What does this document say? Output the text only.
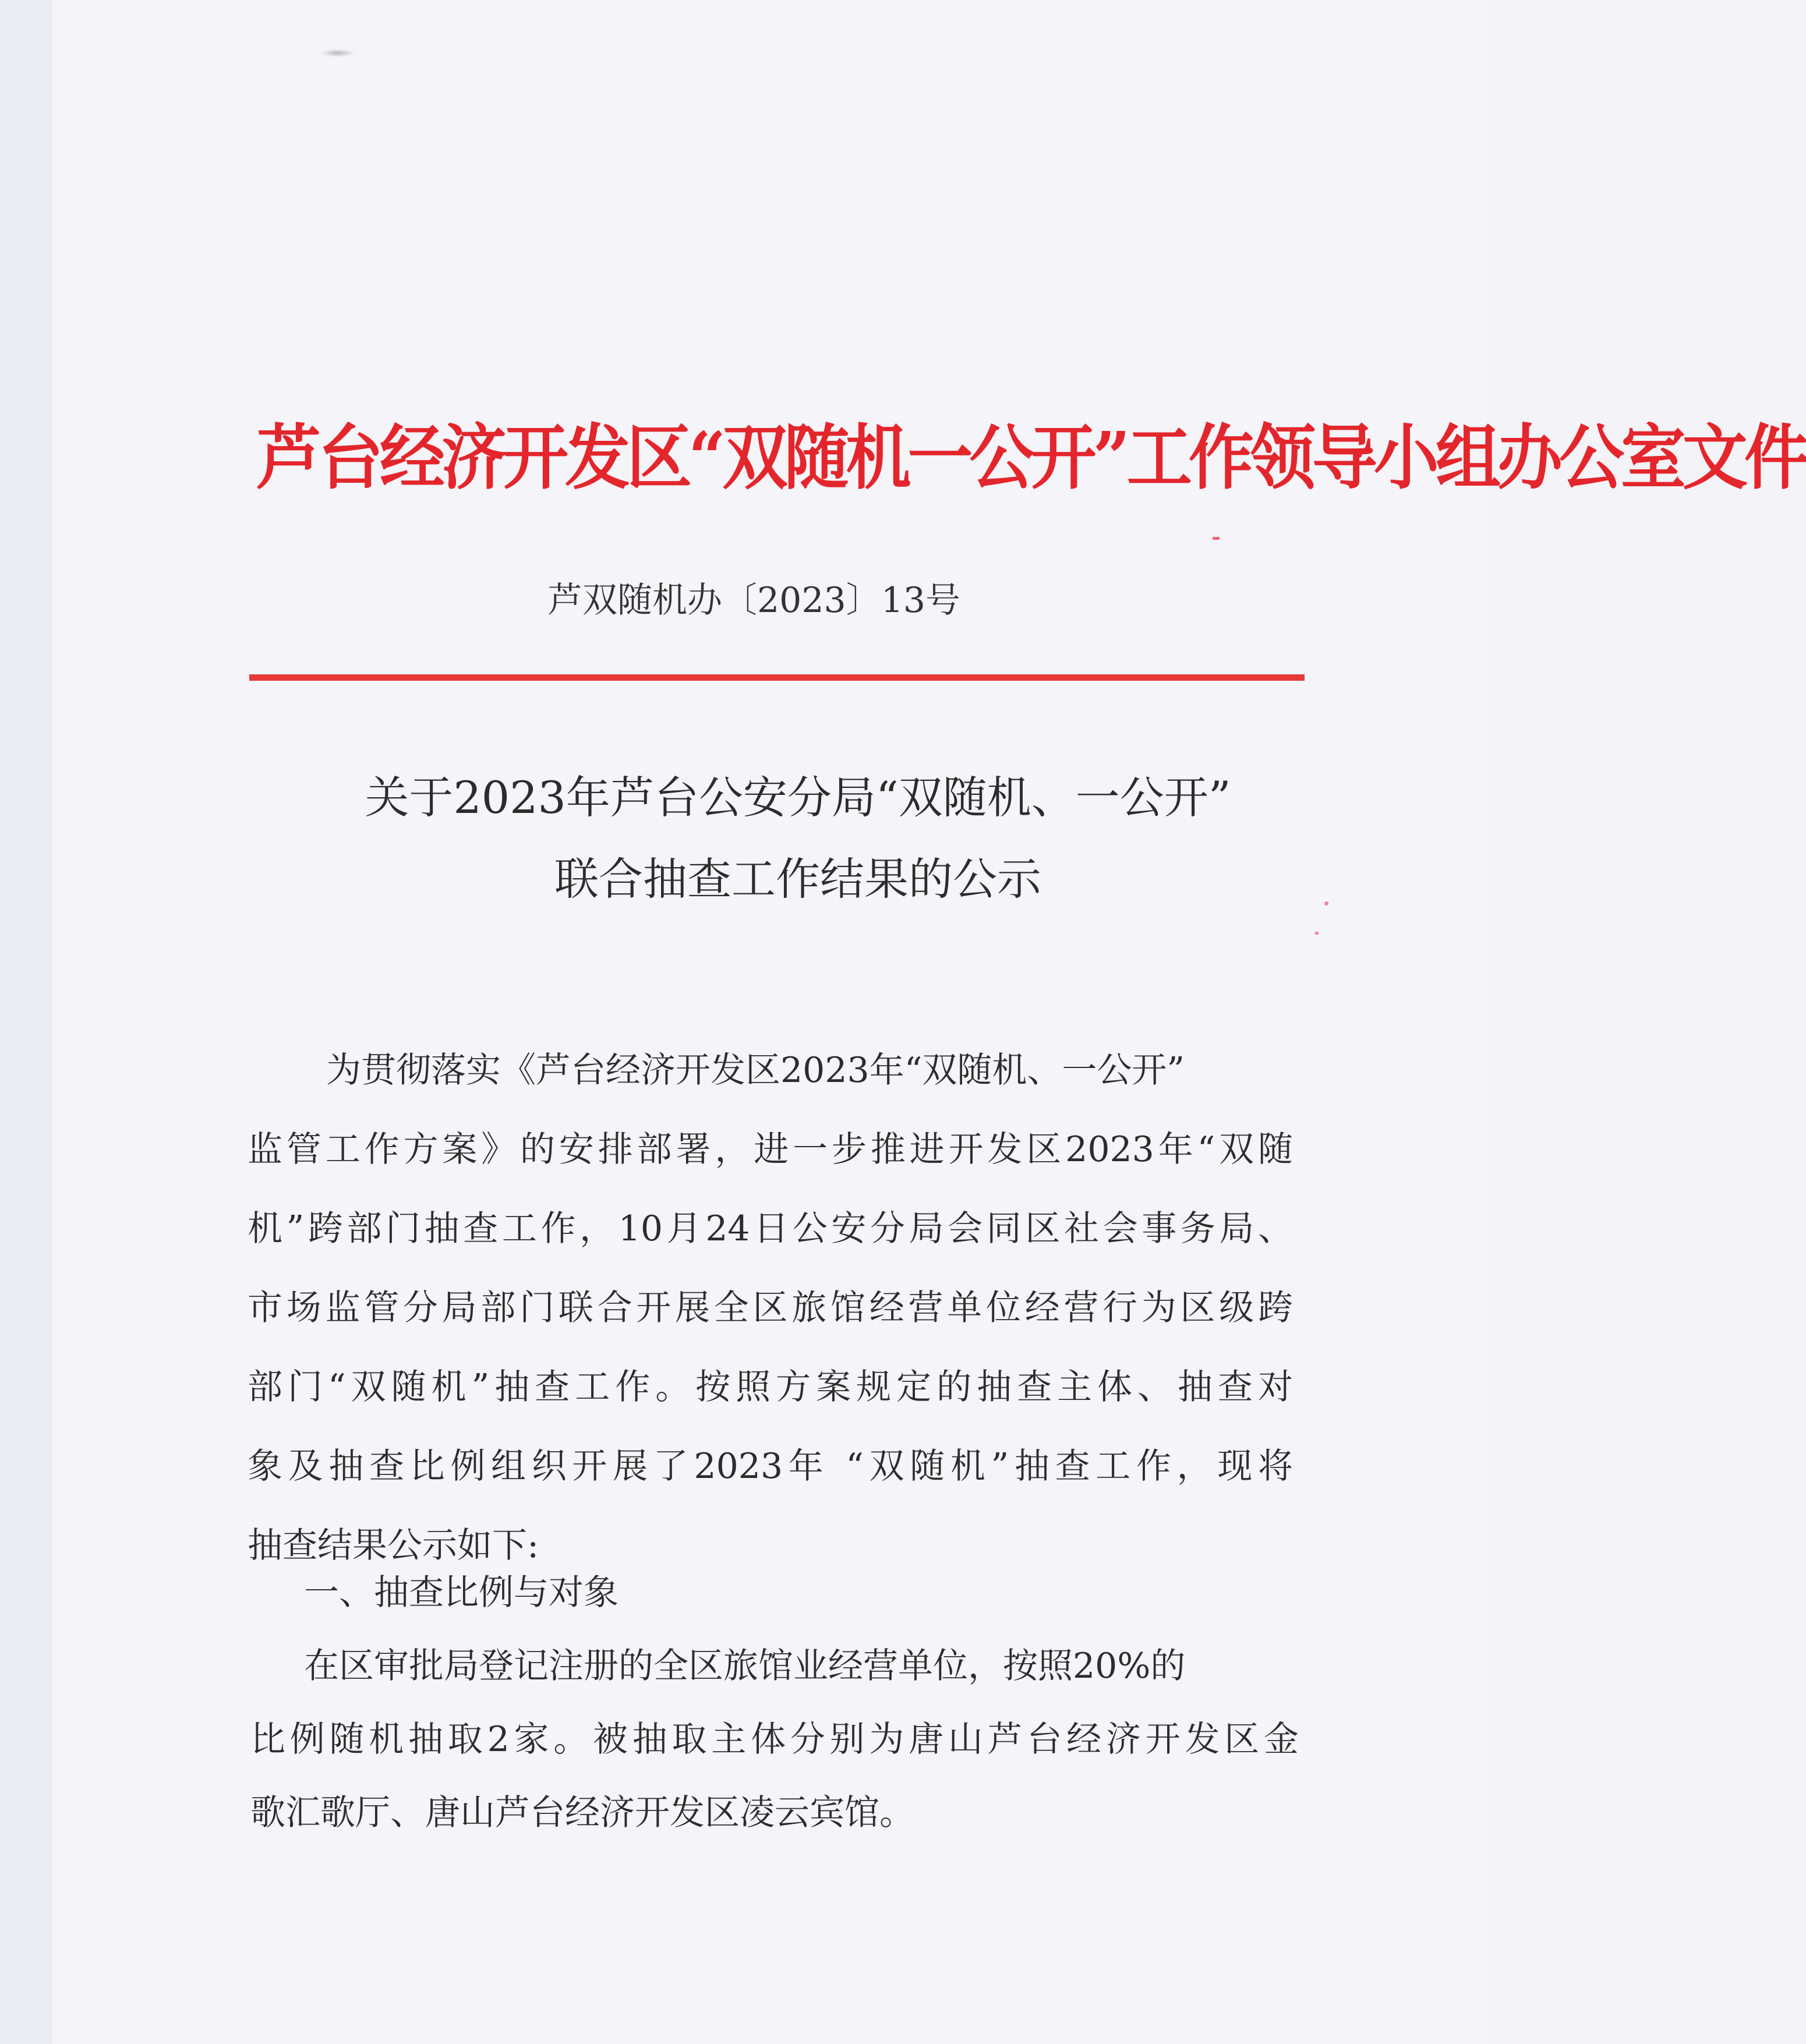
芦台经济开发区“双随机一公开”工作领导小组办公室文件
芦双随机办〔2023〕13号
关于2023年芦台公安分局“双随机、一公开”
联合抽查工作结果的公示
为贯彻落实《芦台经济开发区2023年“双随机、一公开”
监管工作方案》的安排部署，进一步推进开发区2023年“双随
机”跨部门抽查工作，10月24日公安分局会同区社会事务局、
市场监管分局部门联合开展全区旅馆经营单位经营行为区级跨
部门“双随机”抽查工作。按照方案规定的抽查主体、抽查对
象及抽查比例组织开展了2023年 “双随机”抽查工作，现将
抽查结果公示如下:
一、抽查比例与对象
在区审批局登记注册的全区旅馆业经营单位，按照20%的
比例随机抽取2家。被抽取主体分别为唐山芦台经济开发区金
歌汇歌厅、唐山芦台经济开发区凌云宾馆。
